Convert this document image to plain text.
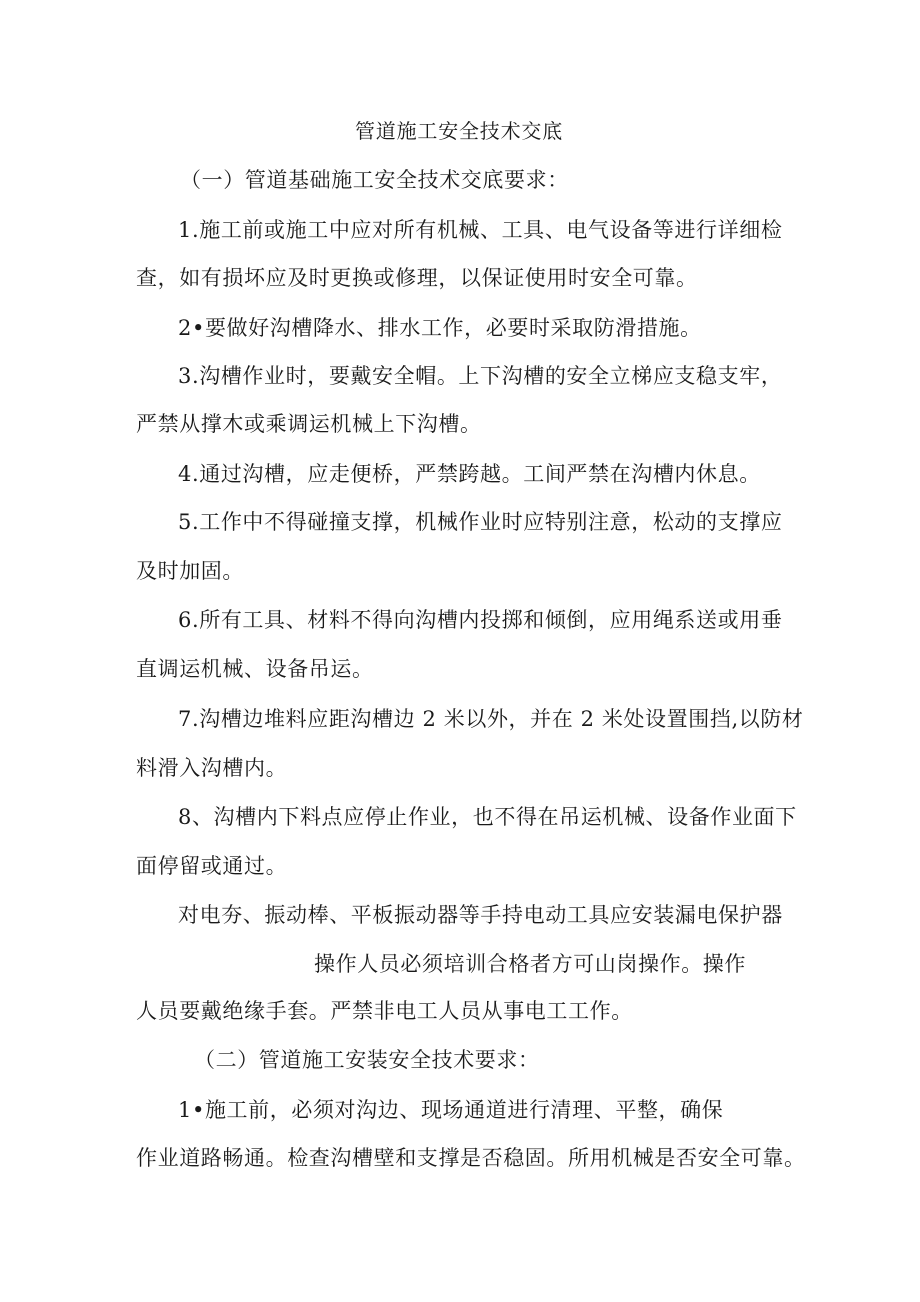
管道施工安全技术交底

（一）管道基础施工安全技术交底要求：

1.施工前或施工中应对所有机械、工具、电气设备等进行详细检

查，如有损坏应及时更换或修理，以保证使用时安全可靠。

2•要做好沟槽降水、排水工作，必要时采取防滑措施。

3.沟槽作业时，要戴安全帽。上下沟槽的安全立梯应支稳支牢，

严禁从撑木或乘调运机械上下沟槽。

4.通过沟槽，应走便桥，严禁跨越。工间严禁在沟槽内休息。

5.工作中不得碰撞支撑，机械作业时应特别注意，松动的支撑应

及时加固。

6.所有工具、材料不得向沟槽内投掷和倾倒，应用绳系送或用垂

直调运机械、设备吊运。

7.沟槽边堆料应距沟槽边 2 米以外，并在 2 米处设置围挡,以防材

料滑入沟槽内。

8、沟槽内下料点应停止作业，也不得在吊运机械、设备作业面下

面停留或通过。

对电夯、振动棒、平板振动器等手持电动工具应安装漏电保护器

操作人员必须培训合格者方可山岗操作。操作

人员要戴绝缘手套。严禁非电工人员从事电工工作。

（二）管道施工安装安全技术要求：

1•施工前，必须对沟边、现场通道进行清理、平整，确保

作业道路畅通。检查沟槽壁和支撑是否稳固。所用机械是否安全可靠。
